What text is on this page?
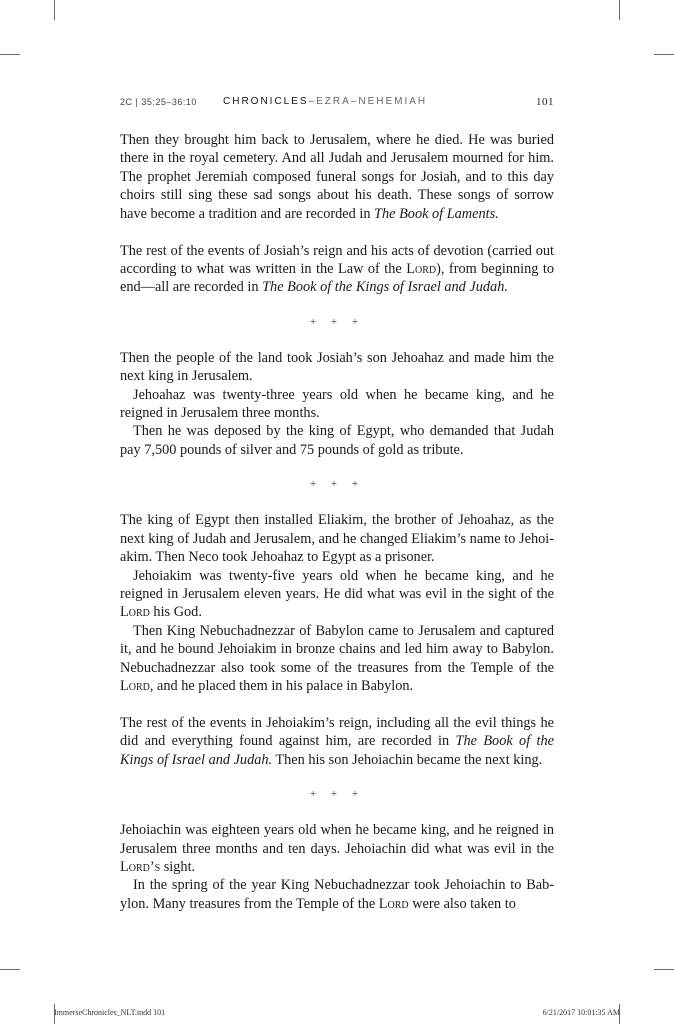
2C | 35:25–36:10	CHRONICLES–EZRA–NEHEMIAH	101

Then they brought him back to Jerusalem, where he died. He was buried there in the royal cemetery. And all Judah and Jerusalem mourned for him. The prophet Jeremiah composed funeral songs for Josiah, and to this day choirs still sing these sad songs about his death. These songs of sorrow have become a tradition and are recorded in The Book of Laments.

The rest of the events of Josiah’s reign and his acts of devotion (carried out according to what was written in the Law of the Lord), from beginning to end—all are recorded in The Book of the Kings of Israel and Judah.

+ + +

Then the people of the land took Josiah’s son Jehoahaz and made him the next king in Jerusalem.

Jehoahaz was twenty-three years old when he became king, and he reigned in Jerusalem three months.

Then he was deposed by the king of Egypt, who demanded that Judah pay 7,500 pounds of silver and 75 pounds of gold as tribute.

+ + +

The king of Egypt then installed Eliakim, the brother of Jehoahaz, as the next king of Judah and Jerusalem, and he changed Eliakim’s name to Jehoiakim. Then Neco took Jehoahaz to Egypt as a prisoner.

Jehoiakim was twenty-five years old when he became king, and he reigned in Jerusalem eleven years. He did what was evil in the sight of the Lord his God.

Then King Nebuchadnezzar of Babylon came to Jerusalem and captured it, and he bound Jehoiakim in bronze chains and led him away to Babylon. Nebuchadnezzar also took some of the treasures from the Temple of the Lord, and he placed them in his palace in Babylon.

The rest of the events in Jehoiakim’s reign, including all the evil things he did and everything found against him, are recorded in The Book of the Kings of Israel and Judah. Then his son Jehoiachin became the next king.

+ + +

Jehoiachin was eighteen years old when he became king, and he reigned in Jerusalem three months and ten days. Jehoiachin did what was evil in the Lord’s sight.

In the spring of the year King Nebuchadnezzar took Jehoiachin to Babylon. Many treasures from the Temple of the Lord were also taken to

ImmerseChronicles_NLT.indd 101	6/21/2017 10:01:35 AM
